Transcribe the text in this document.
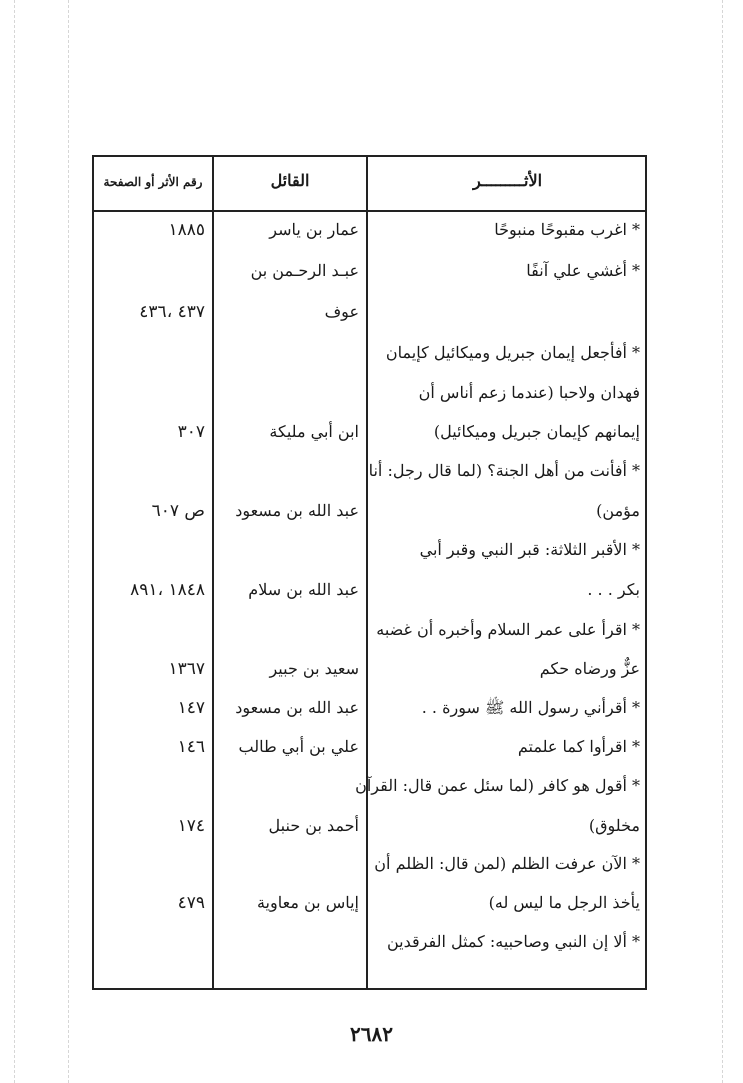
الأثـــــــــر
القائل
رقم الأثر أو الصفحة
* اغرب مقبوحًا منبوحًا
* أغشي علي آنفًا
* أفأجعل إيمان جبريل وميكائيل كإيمان
فهدان ولاحبا (عندما زعم أناس أن
إيمانهم كإيمان جبريل وميكائيل)
* أفأنت من أهل الجنة؟ (لما قال رجل: أنا
مؤمن)
* الأقبر الثلاثة: قبر النبي وقبر أبي
بكر . . .
* اقرأ على عمر السلام وأخبره أن غضبه
عزٌّ ورضاه حكم
* أقرأني رسول الله ﷺ سورة . .
* اقرأوا كما علمتم
* أقول هو كافر (لما سئل عمن قال: القرآن
مخلوق)
* الآن عرفت الظلم (لمن قال: الظلم أن
يأخذ الرجل ما ليس له)
* ألا إن النبي وصاحبيه: كمثل الفرقدين
عمار بن ياسر
عبـد الرحـمن بن
عوف
ابن أبي مليكة
عبد الله بن مسعود
عبد الله بن سلام
سعيد بن جبير
عبد الله بن مسعود
علي بن أبي طالب
أحمد بن حنبل
إياس بن معاوية
١٨٨٥
٤٣٧ ،٤٣٦
٣٠٧
ص ٦٠٧
١٨٤٨ ،٨٩١
١٣٦٧
١٤٧
١٤٦
١٧٤
٤٧٩
٢٦٨٢
